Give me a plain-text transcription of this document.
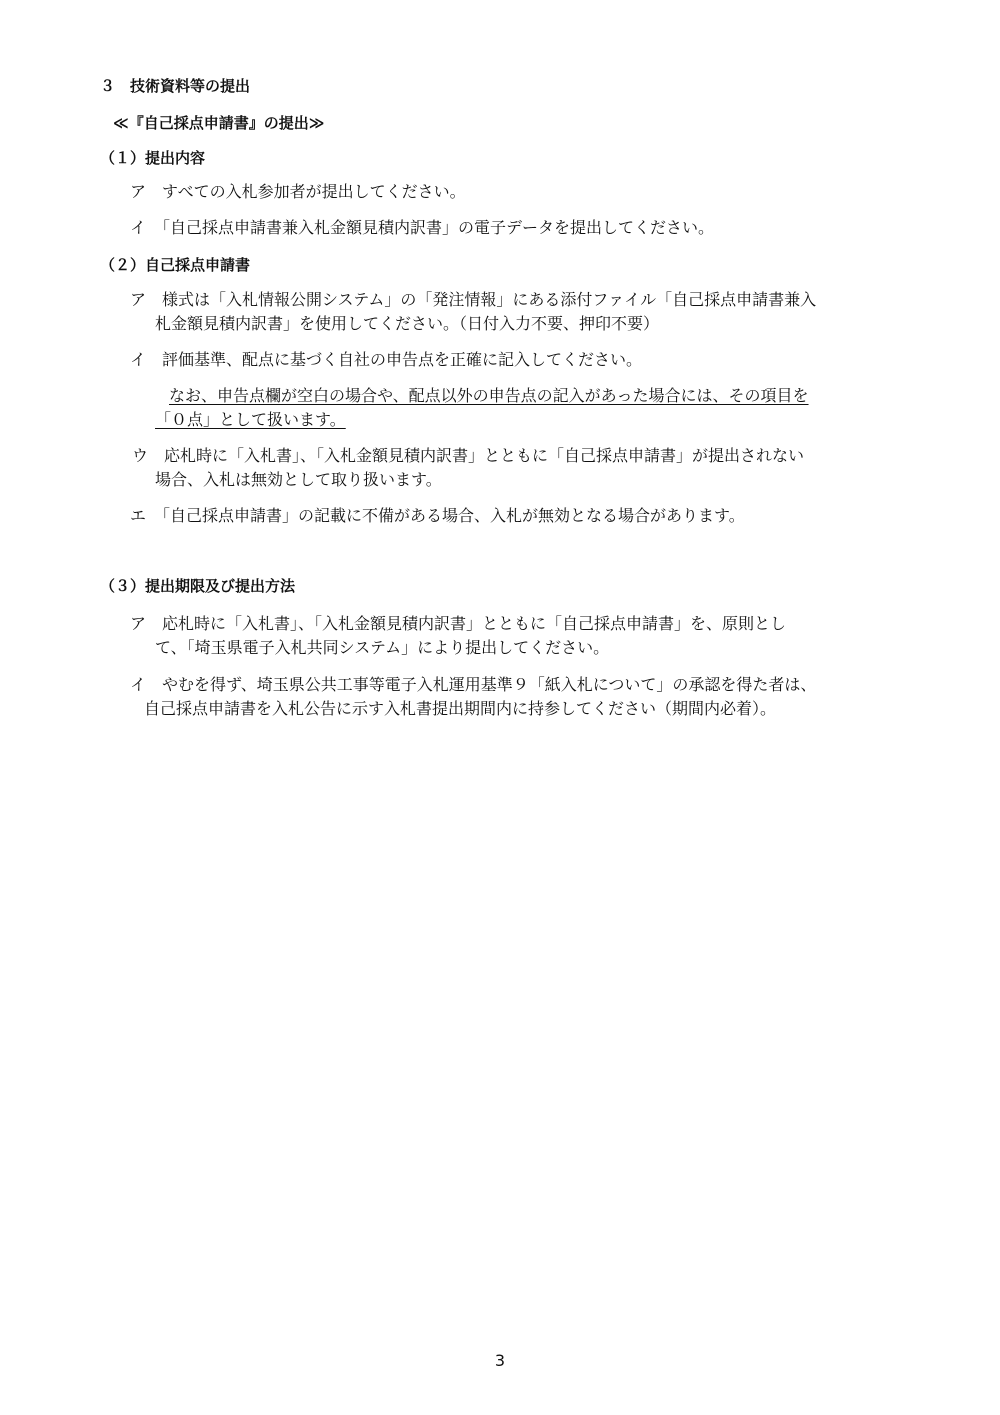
３　技術資料等の提出
≪『自己採点申請書』の提出≫
（１）提出内容
ア　すべての入札参加者が提出してください。
イ　「自己採点申請書兼入札金額見積内訳書」の電子データを提出してください。
（２）自己採点申請書
ア　様式は「入札情報公開システム」の「発注情報」にある添付ファイル「自己採点申請書兼入
札金額見積内訳書」を使用してください。（日付入力不要、押印不要）
イ　評価基準、配点に基づく自社の申告点を正確に記入してください。
なお、申告点欄が空白の場合や、配点以外の申告点の記入があった場合には、その項目を
「０点」として扱います。
ウ　応札時に「入札書」、「入札金額見積内訳書」とともに「自己採点申請書」が提出されない
場合、入札は無効として取り扱います。
エ　「自己採点申請書」の記載に不備がある場合、入札が無効となる場合があります。
（３）提出期限及び提出方法
ア　応札時に「入札書」、「入札金額見積内訳書」とともに「自己採点申請書」を、原則とし
て、「埼玉県電子入札共同システム」により提出してください。
イ　やむを得ず、埼玉県公共工事等電子入札運用基準９「紙入札について」の承認を得た者は、
自己採点申請書を入札公告に示す入札書提出期間内に持参してください（期間内必着）。
3
